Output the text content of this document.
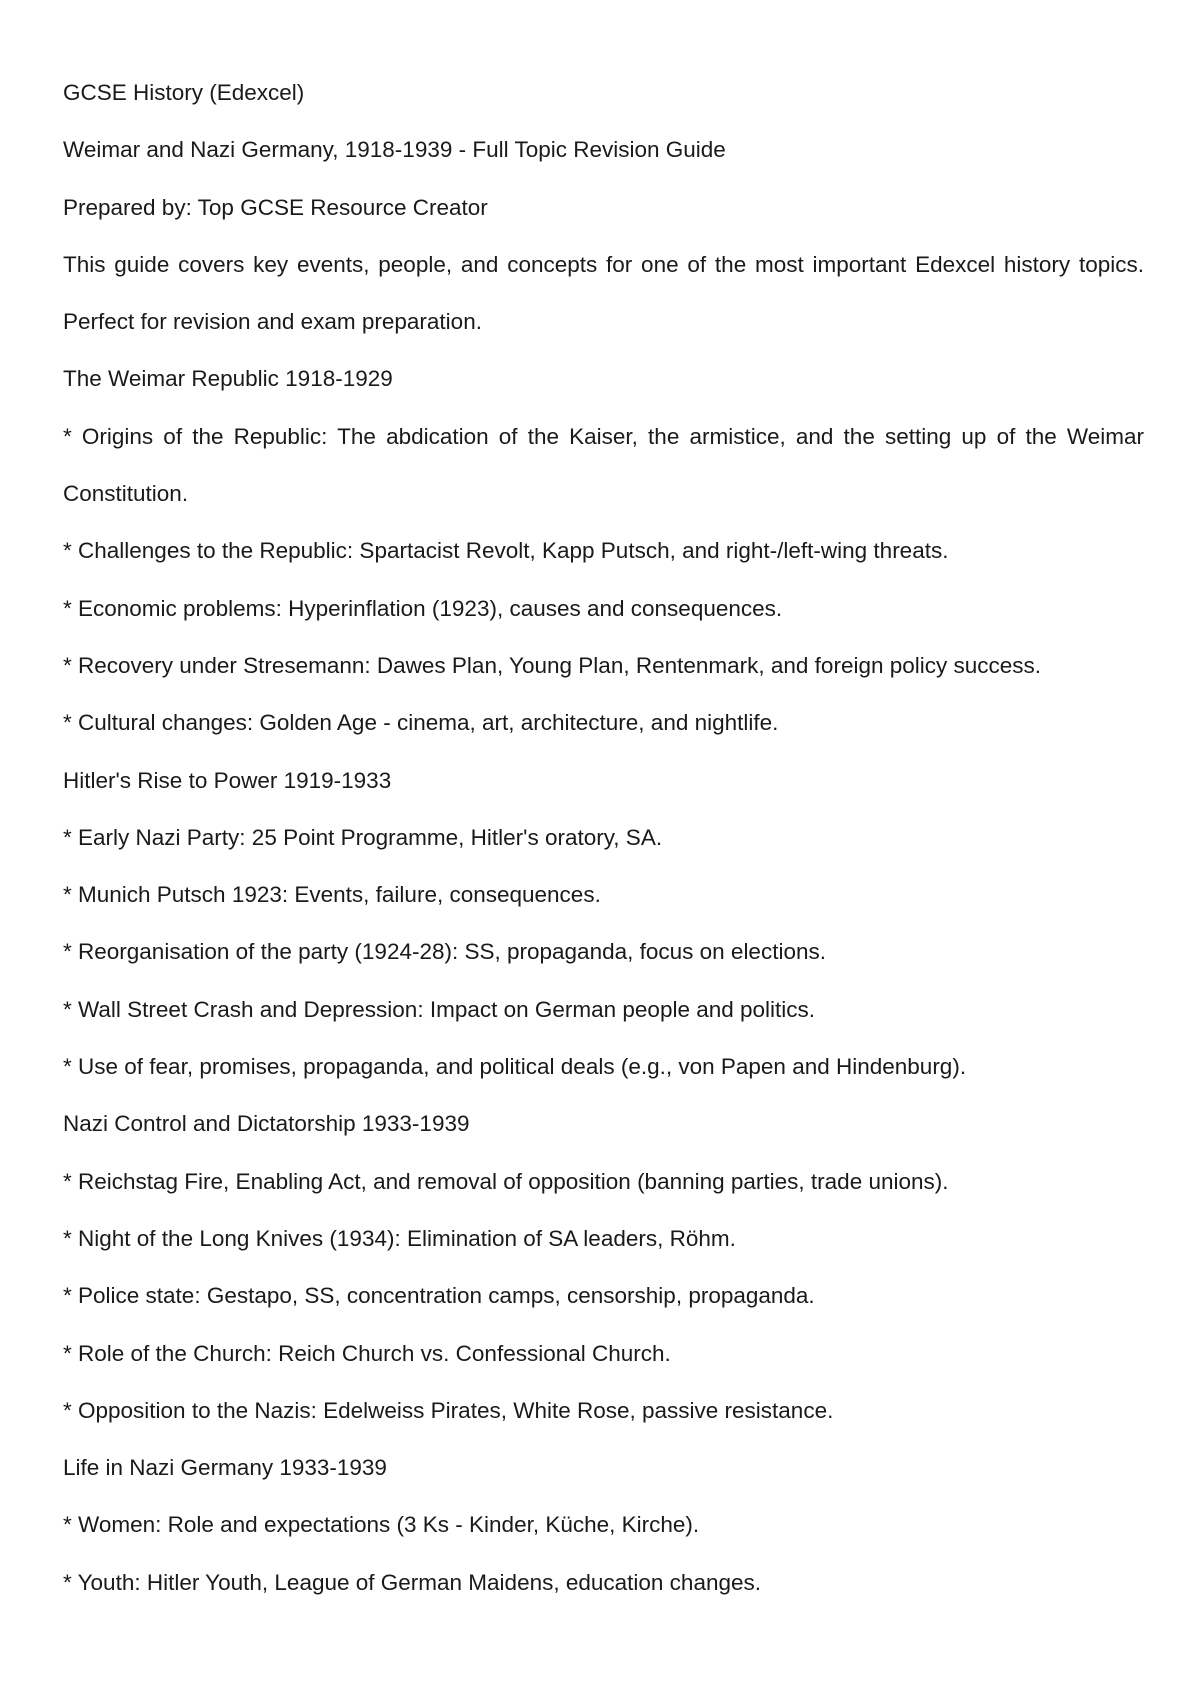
GCSE History (Edexcel)

Weimar and Nazi Germany, 1918-1939 - Full Topic Revision Guide

Prepared by: Top GCSE Resource Creator

This guide covers key events, people, and concepts for one of the most important Edexcel history topics. Perfect for revision and exam preparation.

The Weimar Republic 1918-1929

* Origins of the Republic: The abdication of the Kaiser, the armistice, and the setting up of the Weimar Constitution.

* Challenges to the Republic: Spartacist Revolt, Kapp Putsch, and right-/left-wing threats.

* Economic problems: Hyperinflation (1923), causes and consequences.

* Recovery under Stresemann: Dawes Plan, Young Plan, Rentenmark, and foreign policy success.

* Cultural changes: Golden Age - cinema, art, architecture, and nightlife.

Hitler's Rise to Power 1919-1933

* Early Nazi Party: 25 Point Programme, Hitler's oratory, SA.

* Munich Putsch 1923: Events, failure, consequences.

* Reorganisation of the party (1924-28): SS, propaganda, focus on elections.

* Wall Street Crash and Depression: Impact on German people and politics.

* Use of fear, promises, propaganda, and political deals (e.g., von Papen and Hindenburg).

Nazi Control and Dictatorship 1933-1939

* Reichstag Fire, Enabling Act, and removal of opposition (banning parties, trade unions).

* Night of the Long Knives (1934): Elimination of SA leaders, Röhm.

* Police state: Gestapo, SS, concentration camps, censorship, propaganda.

* Role of the Church: Reich Church vs. Confessional Church.

* Opposition to the Nazis: Edelweiss Pirates, White Rose, passive resistance.

Life in Nazi Germany 1933-1939

* Women: Role and expectations (3 Ks - Kinder, Küche, Kirche).

* Youth: Hitler Youth, League of German Maidens, education changes.
